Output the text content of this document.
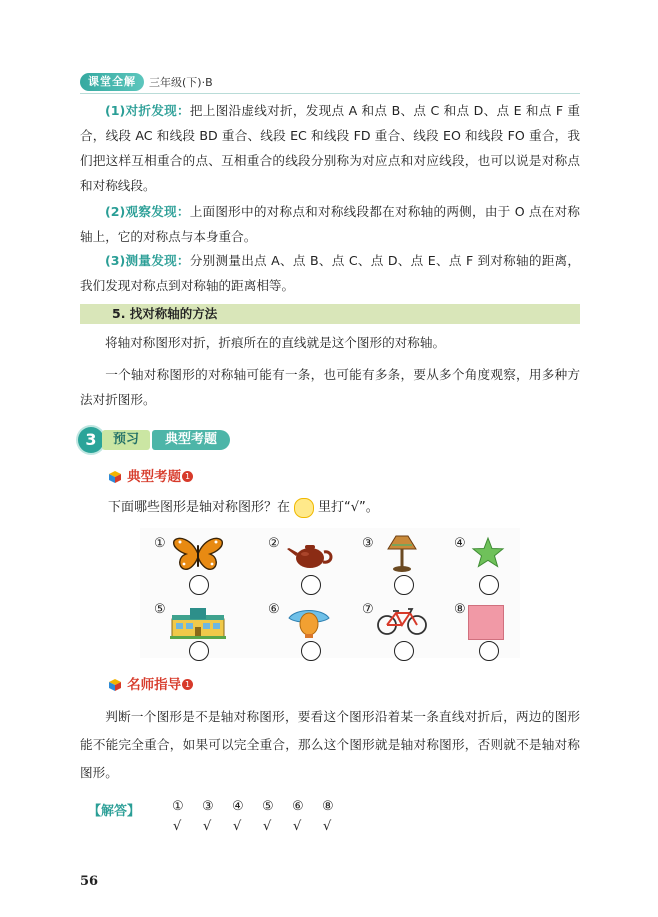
课堂全解	三年级(下)·B
(1)对折发现：把上图沿虚线对折，发现点 A 和点 B、点 C 和点 D、点 E 和点 F 重合，线段 AC 和线段 BD 重合、线段 EC 和线段 FD 重合、线段 EO 和线段 FO 重合，我们把这样互相重合的点、互相重合的线段分别称为对应点和对应线段，也可以说是对称点和对称线段。
(2)观察发现：上面图形中的对称点和对称线段都在对称轴的两侧，由于 O 点在对称轴上，它的对称点与本身重合。
(3)测量发现：分别测量出点 A、点 B、点 C、点 D、点 E、点 F 到对称轴的距离，我们发现对称点到对称轴的距离相等。
5. 找对称轴的方法
将轴对称图形对折，折痕所在的直线就是这个图形的对称轴。
一个轴对称图形的对称轴可能有一条，也可能有多条，要从多个角度观察，用多种方法对折图形。
3	预习	典型考题
典型考题 1
下面哪些图形是轴对称图形？在 里打“√”。
①	②	③	④
⑤	⑥	⑦	⑧
名师指导 1
判断一个图形是不是轴对称图形，要看这个图形沿着某一条直线对折后，两边的图形能不能完全重合，如果可以完全重合，那么这个图形就是轴对称图形，否则就不是轴对称图形。
【解答】 ① ③ ④ ⑤ ⑥ ⑧
√ √ √ √ √ √
56
